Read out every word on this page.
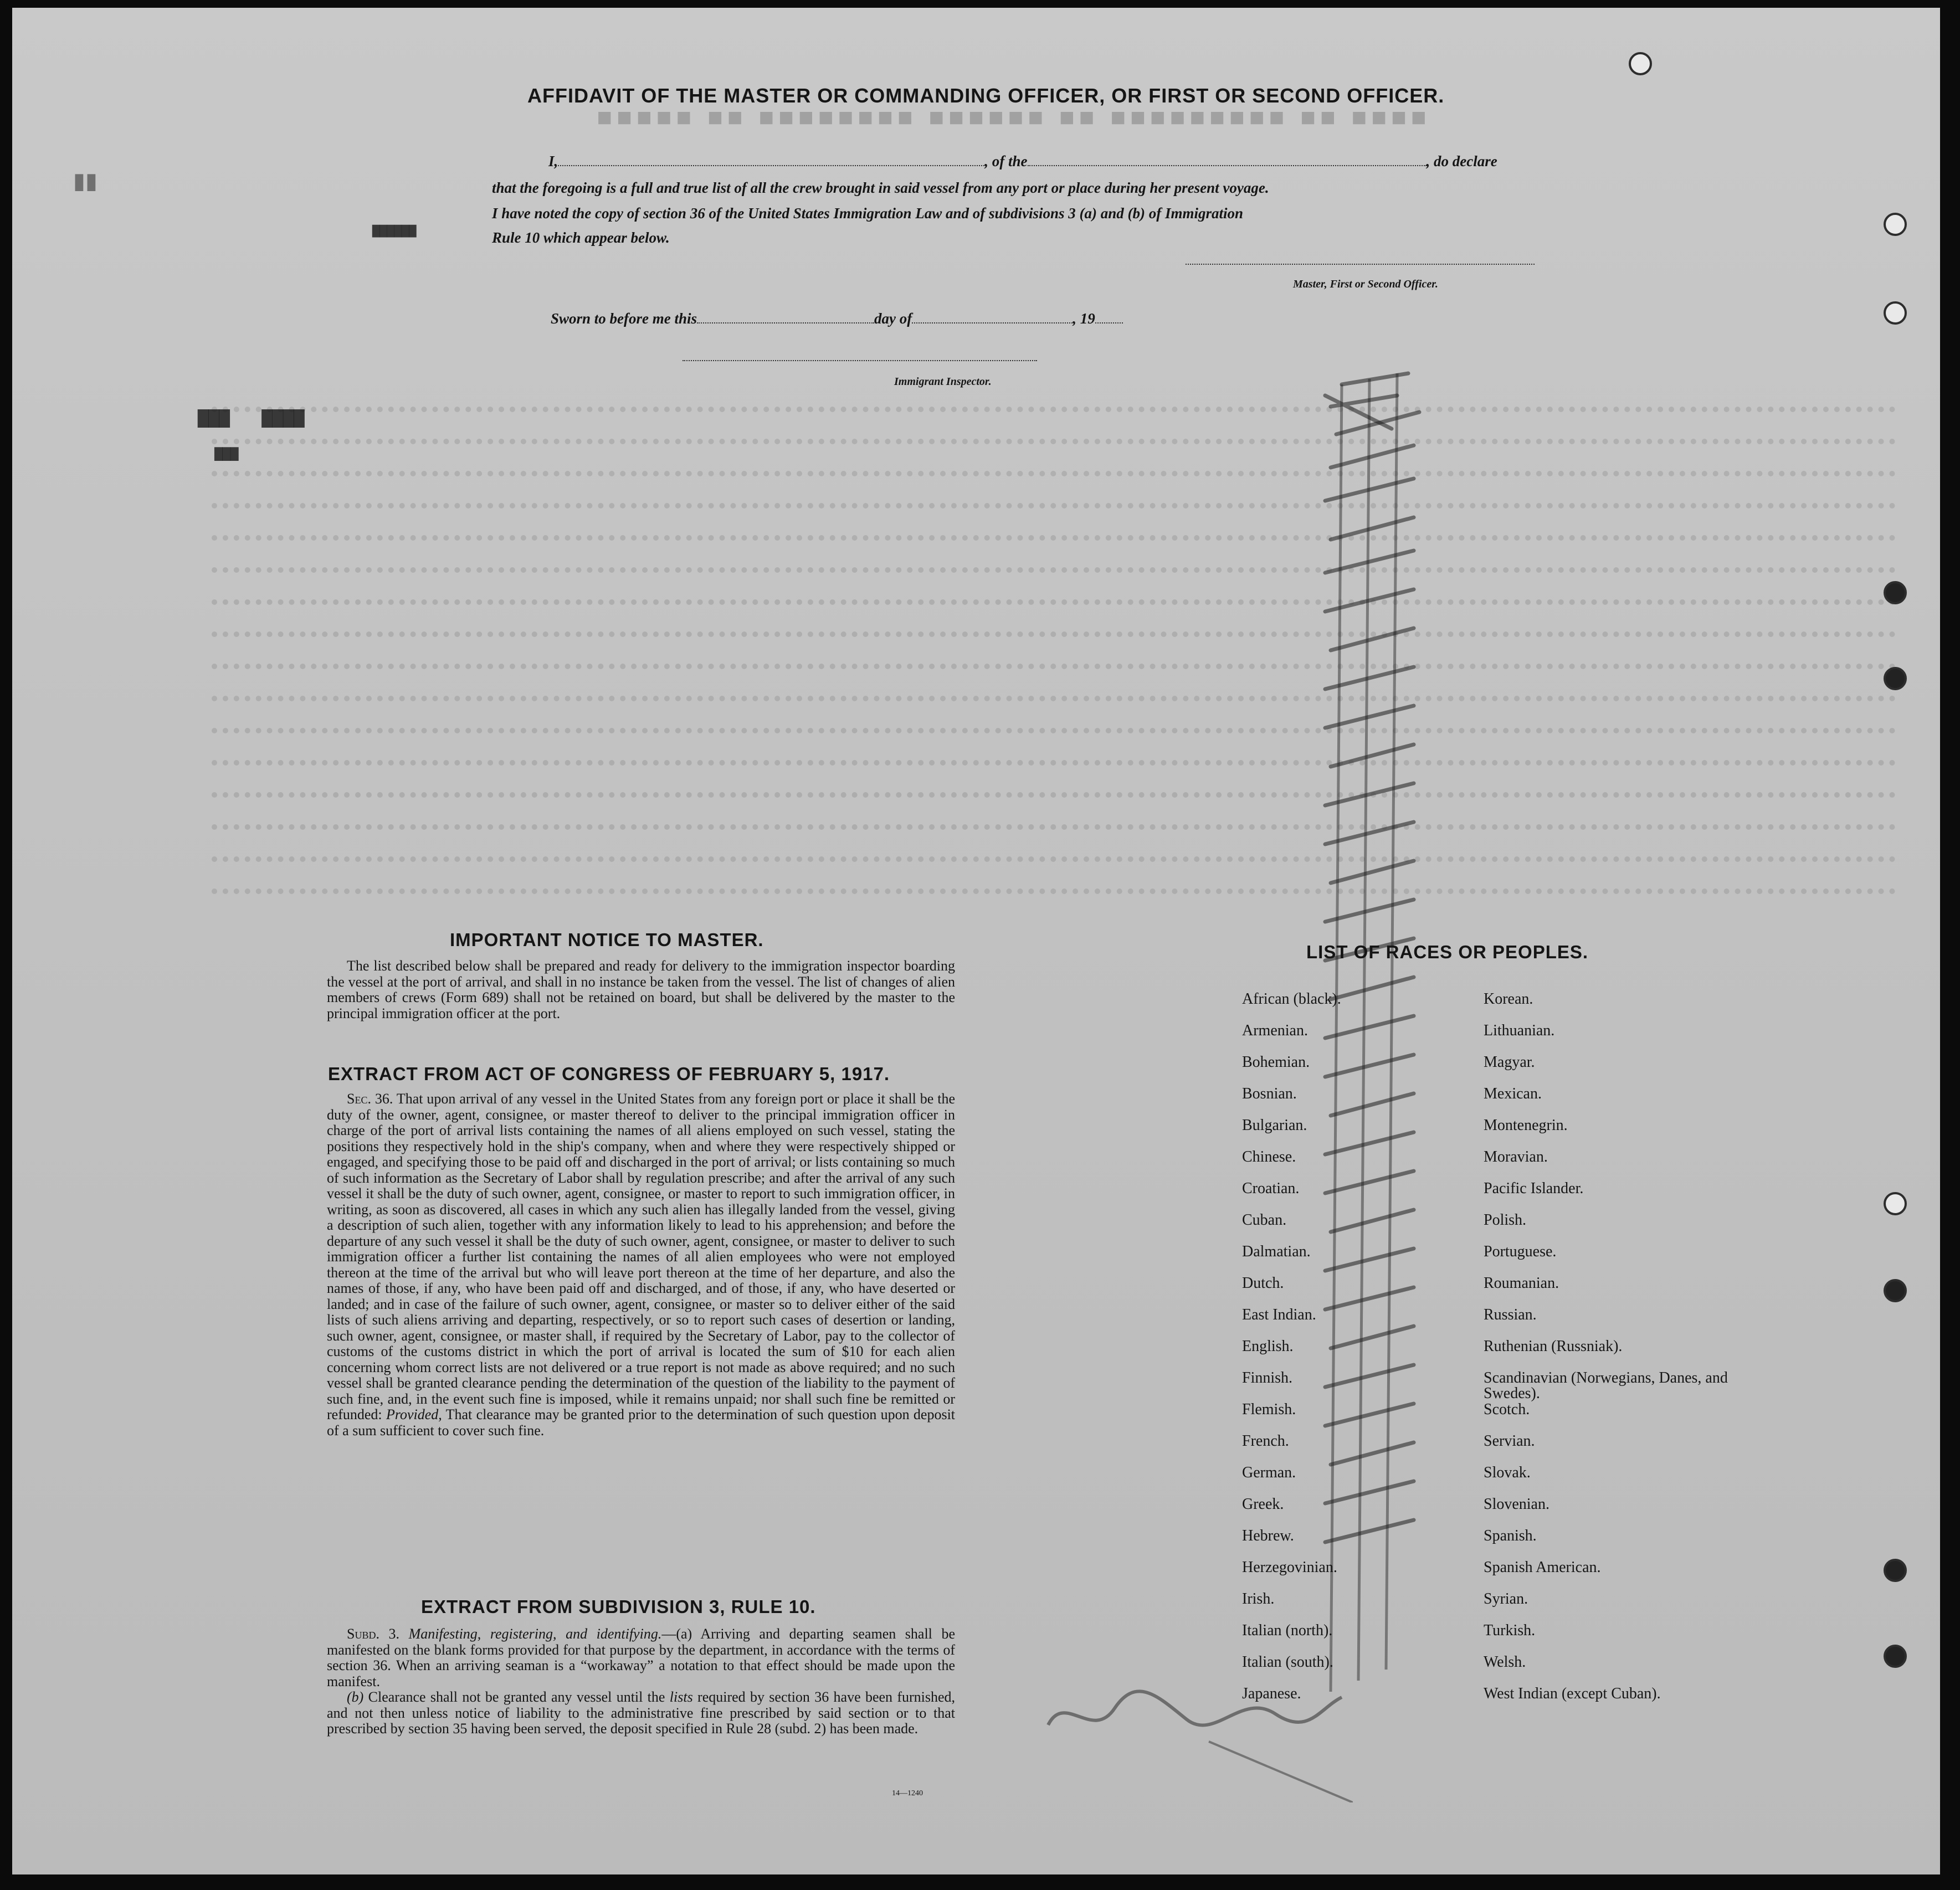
■■■■ ■■ ■■■■■■■■■ ■■ ■■■■■■ ■■■■■■■■ ■■ ■■■■■
▇▇▇▇   ▇▇▇
▇▇▇
▇▇▇▇▇▇
AFFIDAVIT OF THE MASTER OR COMMANDING OFFICER, OR FIRST OR SECOND OFFICER.
I,	, of the	, do declare
that the foregoing is a full and true list of all the crew brought in said vessel from any port or place during her present voyage.
I have noted the copy of section 36 of the United States Immigration Law and of subdivisions 3 (a) and (b) of Immigration
Rule 10 which appear below.
Master, First or Second Officer.
Sworn to before me this	day of	, 19
Immigrant Inspector.
IMPORTANT NOTICE TO MASTER.

The list described below shall be prepared and ready for delivery to the immigration inspector boarding the vessel at the port of arrival, and shall in no instance be taken from the vessel. The list of changes of alien members of crews (Form 689) shall not be retained on board, but shall be delivered by the master to the principal immigration officer at the port.

EXTRACT FROM ACT OF CONGRESS OF FEBRUARY 5, 1917.

Sec. 36. That upon arrival of any vessel in the United States from any foreign port or place it shall be the duty of the owner, agent, consignee, or master thereof to deliver to the principal immigration officer in charge of the port of arrival lists containing the names of all aliens employed on such vessel, stating the positions they respectively hold in the ship's company, when and where they were respectively shipped or engaged, and specifying those to be paid off and discharged in the port of arrival; or lists containing so much of such information as the Secretary of Labor shall by regulation prescribe; and after the arrival of any such vessel it shall be the duty of such owner, agent, consignee, or master to report to such immigration officer, in writing, as soon as discovered, all cases in which any such alien has illegally landed from the vessel, giving a description of such alien, together with any information likely to lead to his apprehension; and before the departure of any such vessel it shall be the duty of such owner, agent, consignee, or master to deliver to such immigration officer a further list containing the names of all alien employees who were not employed thereon at the time of the arrival but who will leave port thereon at the time of her departure, and also the names of those, if any, who have been paid off and discharged, and of those, if any, who have deserted or landed; and in case of the failure of such owner, agent, consignee, or master so to deliver either of the said lists of such aliens arriving and departing, respectively, or so to report such cases of desertion or landing, such owner, agent, consignee, or master shall, if required by the Secretary of Labor, pay to the collector of customs of the customs district in which the port of arrival is located the sum of $10 for each alien concerning whom correct lists are not delivered or a true report is not made as above required; and no such vessel shall be granted clearance pending the determination of the question of the liability to the payment of such fine, and, in the event such fine is imposed, while it remains unpaid; nor shall such fine be remitted or refunded: Provided, That clearance may be granted prior to the determination of such question upon deposit of a sum sufficient to cover such fine.

EXTRACT FROM SUBDIVISION 3, RULE 10.

Subd. 3. Manifesting, registering, and identifying.—(a) Arriving and departing seamen shall be manifested on the blank forms provided for that purpose by the department, in accordance with the terms of section 36. When an arriving seaman is a “workaway” a notation to that effect should be made upon the manifest.

(b) Clearance shall not be granted any vessel until the lists required by section 36 have been furnished, and not then unless notice of liability to the administrative fine prescribed by said section or to that prescribed by section 35 having been served, the deposit specified in Rule 28 (subd. 2) has been made.

14—1240
LIST OF RACES OR PEOPLES.
African (black).
Armenian.
Bohemian.
Bosnian.
Bulgarian.
Chinese.
Croatian.
Cuban.
Dalmatian.
Dutch.
East Indian.
English.
Finnish.
Flemish.
French.
German.
Greek.
Hebrew.
Herzegovinian.
Irish.
Italian (north).
Italian (south).
Japanese.
Korean.
Lithuanian.
Magyar.
Mexican.
Montenegrin.
Moravian.
Pacific Islander.
Polish.
Portuguese.
Roumanian.
Russian.
Ruthenian (Russniak).
Scandinavian (Norwegians, Danes, and Swedes).
Scotch.
Servian.
Slovak.
Slovenian.
Spanish.
Spanish American.
Syrian.
Turkish.
Welsh.
West Indian (except Cuban).
▮▮
